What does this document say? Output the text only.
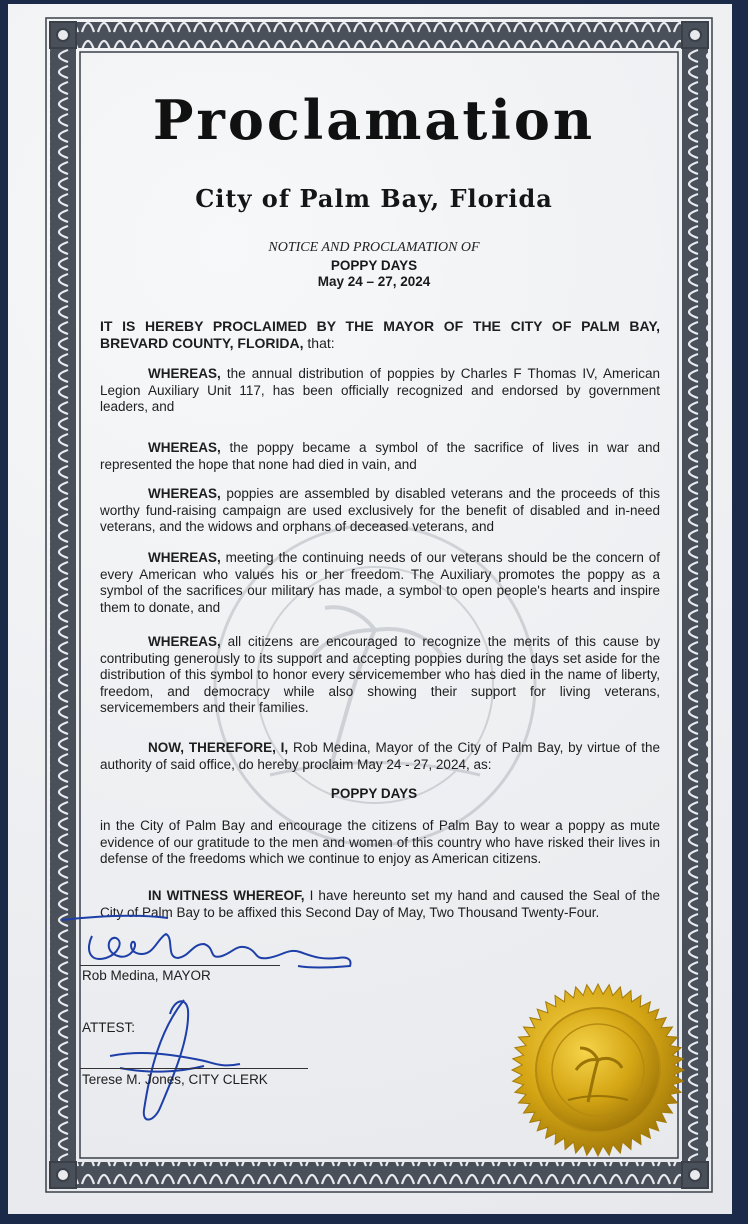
Proclamation
City of Palm Bay, Florida
NOTICE AND PROCLAMATION OF
POPPY DAYS
May 24 – 27, 2024
IT IS HEREBY PROCLAIMED BY THE MAYOR OF THE CITY OF PALM BAY, BREVARD COUNTY, FLORIDA, that:
WHEREAS, the annual distribution of poppies by Charles F Thomas IV, American Legion Auxiliary Unit 117, has been officially recognized and endorsed by government leaders, and
WHEREAS, the poppy became a symbol of the sacrifice of lives in war and represented the hope that none had died in vain, and
WHEREAS, poppies are assembled by disabled veterans and the proceeds of this worthy fund-raising campaign are used exclusively for the benefit of disabled and in-need veterans, and the widows and orphans of deceased veterans, and
WHEREAS, meeting the continuing needs of our veterans should be the concern of every American who values his or her freedom. The Auxiliary promotes the poppy as a symbol of the sacrifices our military has made, a symbol to open people's hearts and inspire them to donate, and
WHEREAS, all citizens are encouraged to recognize the merits of this cause by contributing generously to its support and accepting poppies during the days set aside for the distribution of this symbol to honor every servicemember who has died in the name of liberty, freedom, and democracy while also showing their support for living veterans, servicemembers and their families.
NOW, THEREFORE, I, Rob Medina, Mayor of the City of Palm Bay, by virtue of the authority of said office, do hereby proclaim May 24 - 27, 2024, as:
POPPY DAYS
in the City of Palm Bay and encourage the citizens of Palm Bay to wear a poppy as mute evidence of our gratitude to the men and women of this country who have risked their lives in defense of the freedoms which we continue to enjoy as American citizens.
IN WITNESS WHEREOF, I have hereunto set my hand and caused the Seal of the City of Palm Bay to be affixed this Second Day of May, Two Thousand Twenty-Four.
Rob Medina, MAYOR
ATTEST:
Terese M. Jones, CITY CLERK
